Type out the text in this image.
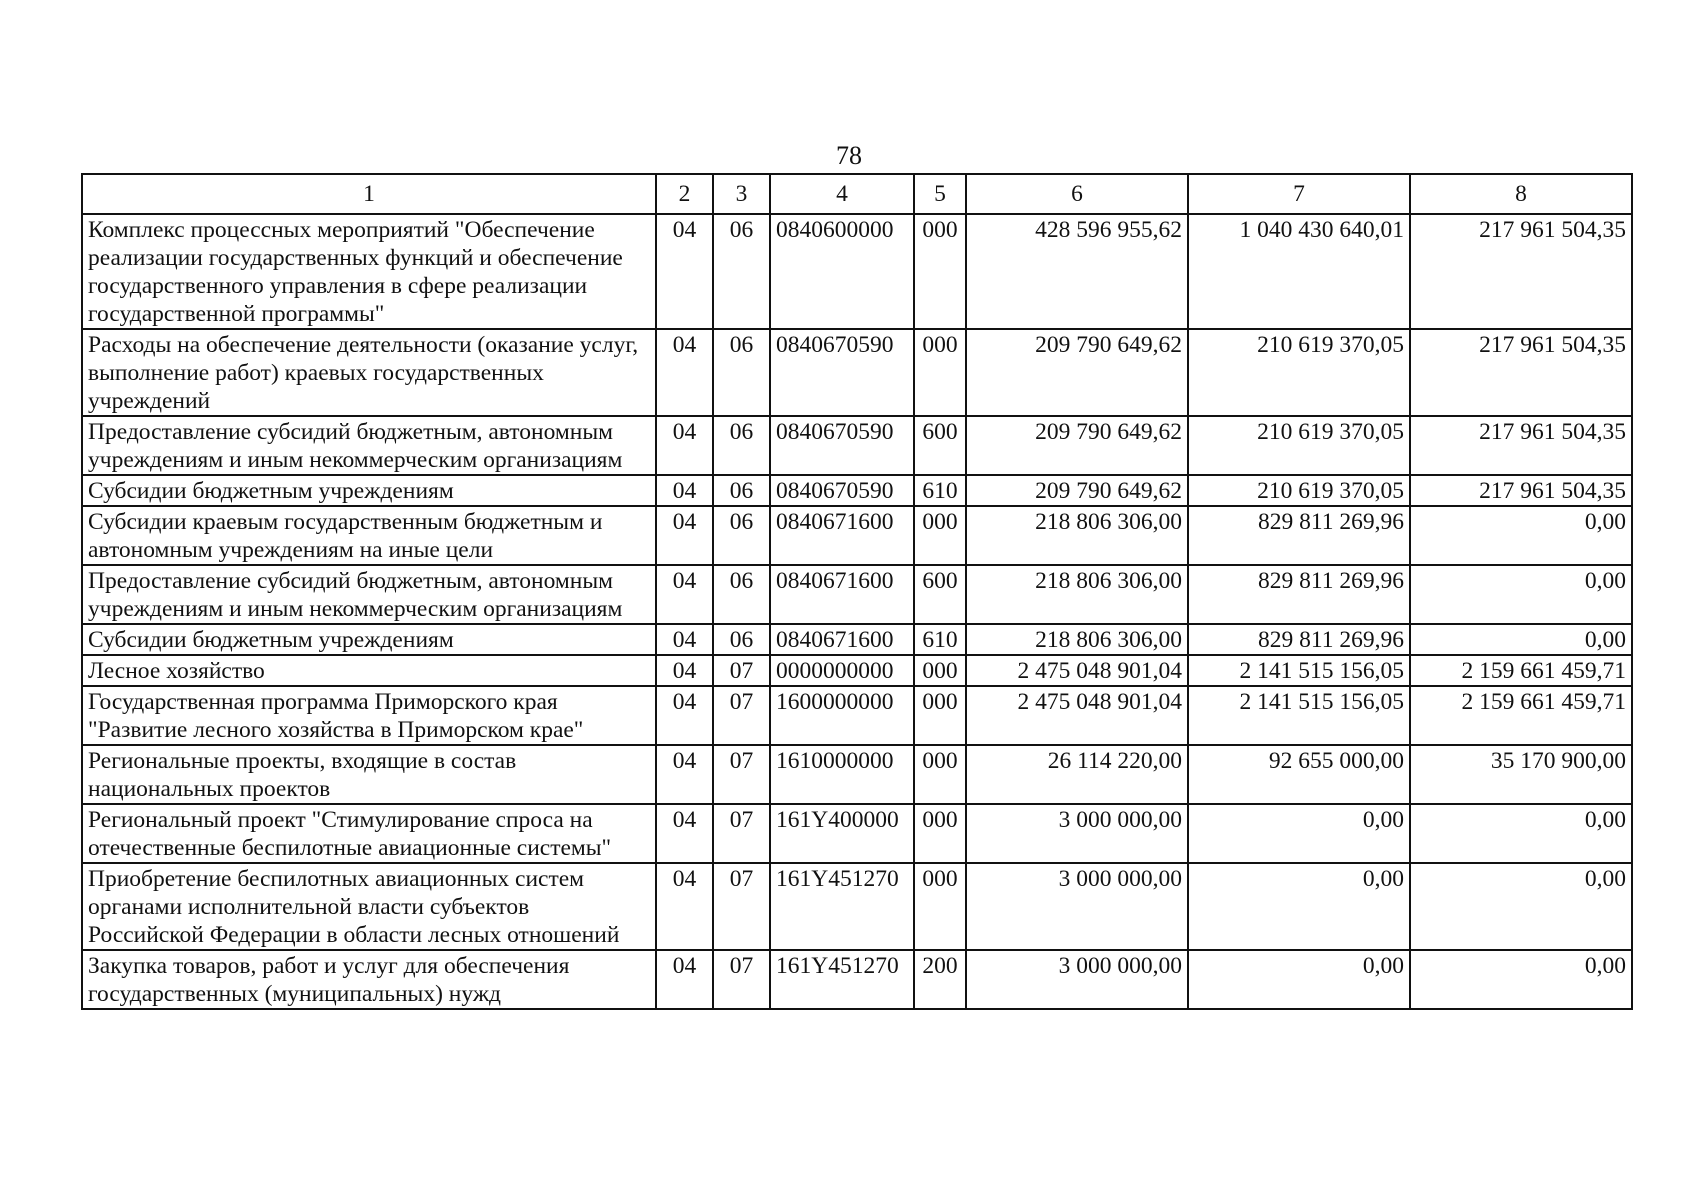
78
1	2	3	4	5	6	7	8
Комплекс процессных мероприятий "Обеспечение реализации государственных функций и обеспечение государственного управления в сфере реализации государственной программы"	04	06	0840600000	000	428 596 955,62	1 040 430 640,01	217 961 504,35
Расходы на обеспечение деятельности (оказание услуг, выполнение работ) краевых государственных учреждений	04	06	0840670590	000	209 790 649,62	210 619 370,05	217 961 504,35
Предоставление субсидий бюджетным, автономным учреждениям и иным некоммерческим организациям	04	06	0840670590	600	209 790 649,62	210 619 370,05	217 961 504,35
Субсидии бюджетным учреждениям	04	06	0840670590	610	209 790 649,62	210 619 370,05	217 961 504,35
Субсидии краевым государственным бюджетным и автономным учреждениям на иные цели	04	06	0840671600	000	218 806 306,00	829 811 269,96	0,00
Предоставление субсидий бюджетным, автономным учреждениям и иным некоммерческим организациям	04	06	0840671600	600	218 806 306,00	829 811 269,96	0,00
Субсидии бюджетным учреждениям	04	06	0840671600	610	218 806 306,00	829 811 269,96	0,00
Лесное хозяйство	04	07	0000000000	000	2 475 048 901,04	2 141 515 156,05	2 159 661 459,71
Государственная программа Приморского края "Развитие лесного хозяйства в Приморском крае"	04	07	1600000000	000	2 475 048 901,04	2 141 515 156,05	2 159 661 459,71
Региональные проекты, входящие в состав национальных проектов	04	07	1610000000	000	26 114 220,00	92 655 000,00	35 170 900,00
Региональный проект "Стимулирование спроса на отечественные беспилотные авиационные системы"	04	07	161Y400000	000	3 000 000,00	0,00	0,00
Приобретение беспилотных авиационных систем органами исполнительной власти субъектов Российской Федерации в области лесных отношений	04	07	161Y451270	000	3 000 000,00	0,00	0,00
Закупка товаров, работ и услуг для обеспечения государственных (муниципальных) нужд	04	07	161Y451270	200	3 000 000,00	0,00	0,00
